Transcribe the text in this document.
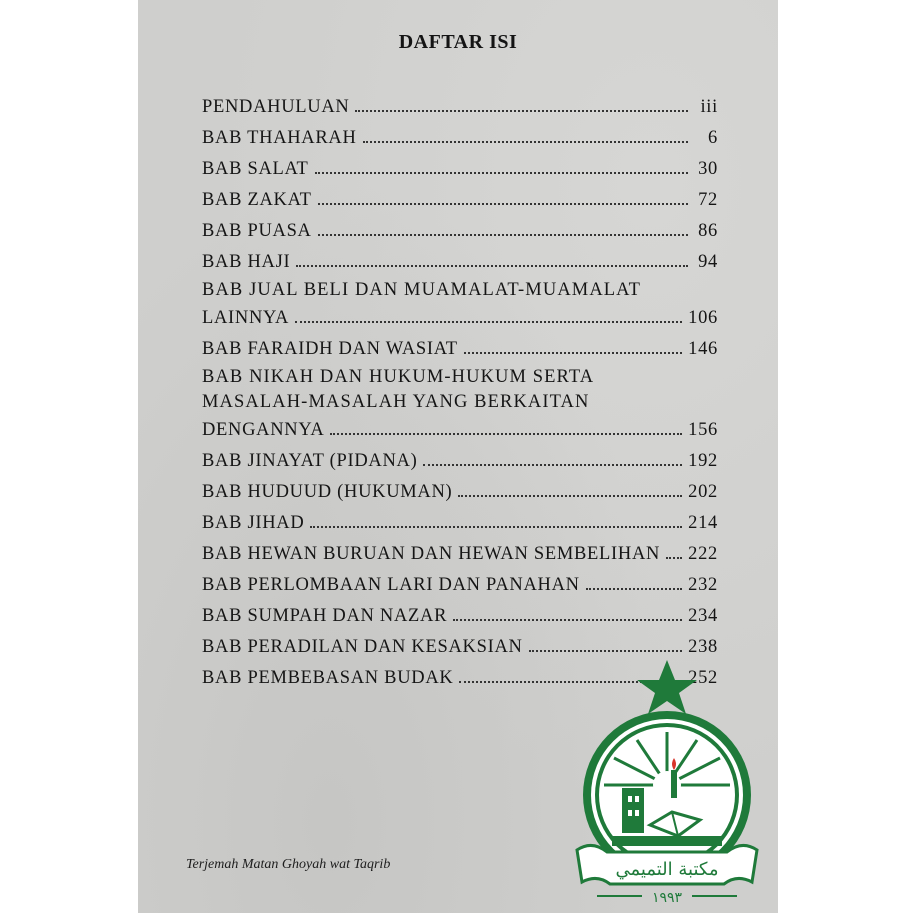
DAFTAR ISI
PENDAHULUAN	iii
BAB THAHARAH	6
BAB SALAT	30
BAB ZAKAT	72
BAB PUASA	86
BAB HAJI	94
BAB JUAL BELI DAN MUAMALAT-MUAMALAT
LAINNYA	106
BAB FARAIDH DAN WASIAT	146
BAB NIKAH DAN HUKUM-HUKUM SERTA
MASALAH-MASALAH YANG BERKAITAN
DENGANNYA	156
BAB JINAYAT (PIDANA)	192
BAB HUDUUD (HUKUMAN)	202
BAB JIHAD	214
BAB HEWAN BURUAN DAN HEWAN SEMBELIHAN 222
BAB PERLOMBAAN LARI DAN PANAHAN	232
BAB SUMPAH DAN NAZAR	234
BAB PERADILAN DAN KESAKSIAN	238
BAB PEMBEBASAN BUDAK	252
Terjemah Matan Ghoyah wat Taqrib	مكتبة التميمي
١٩٩٣
